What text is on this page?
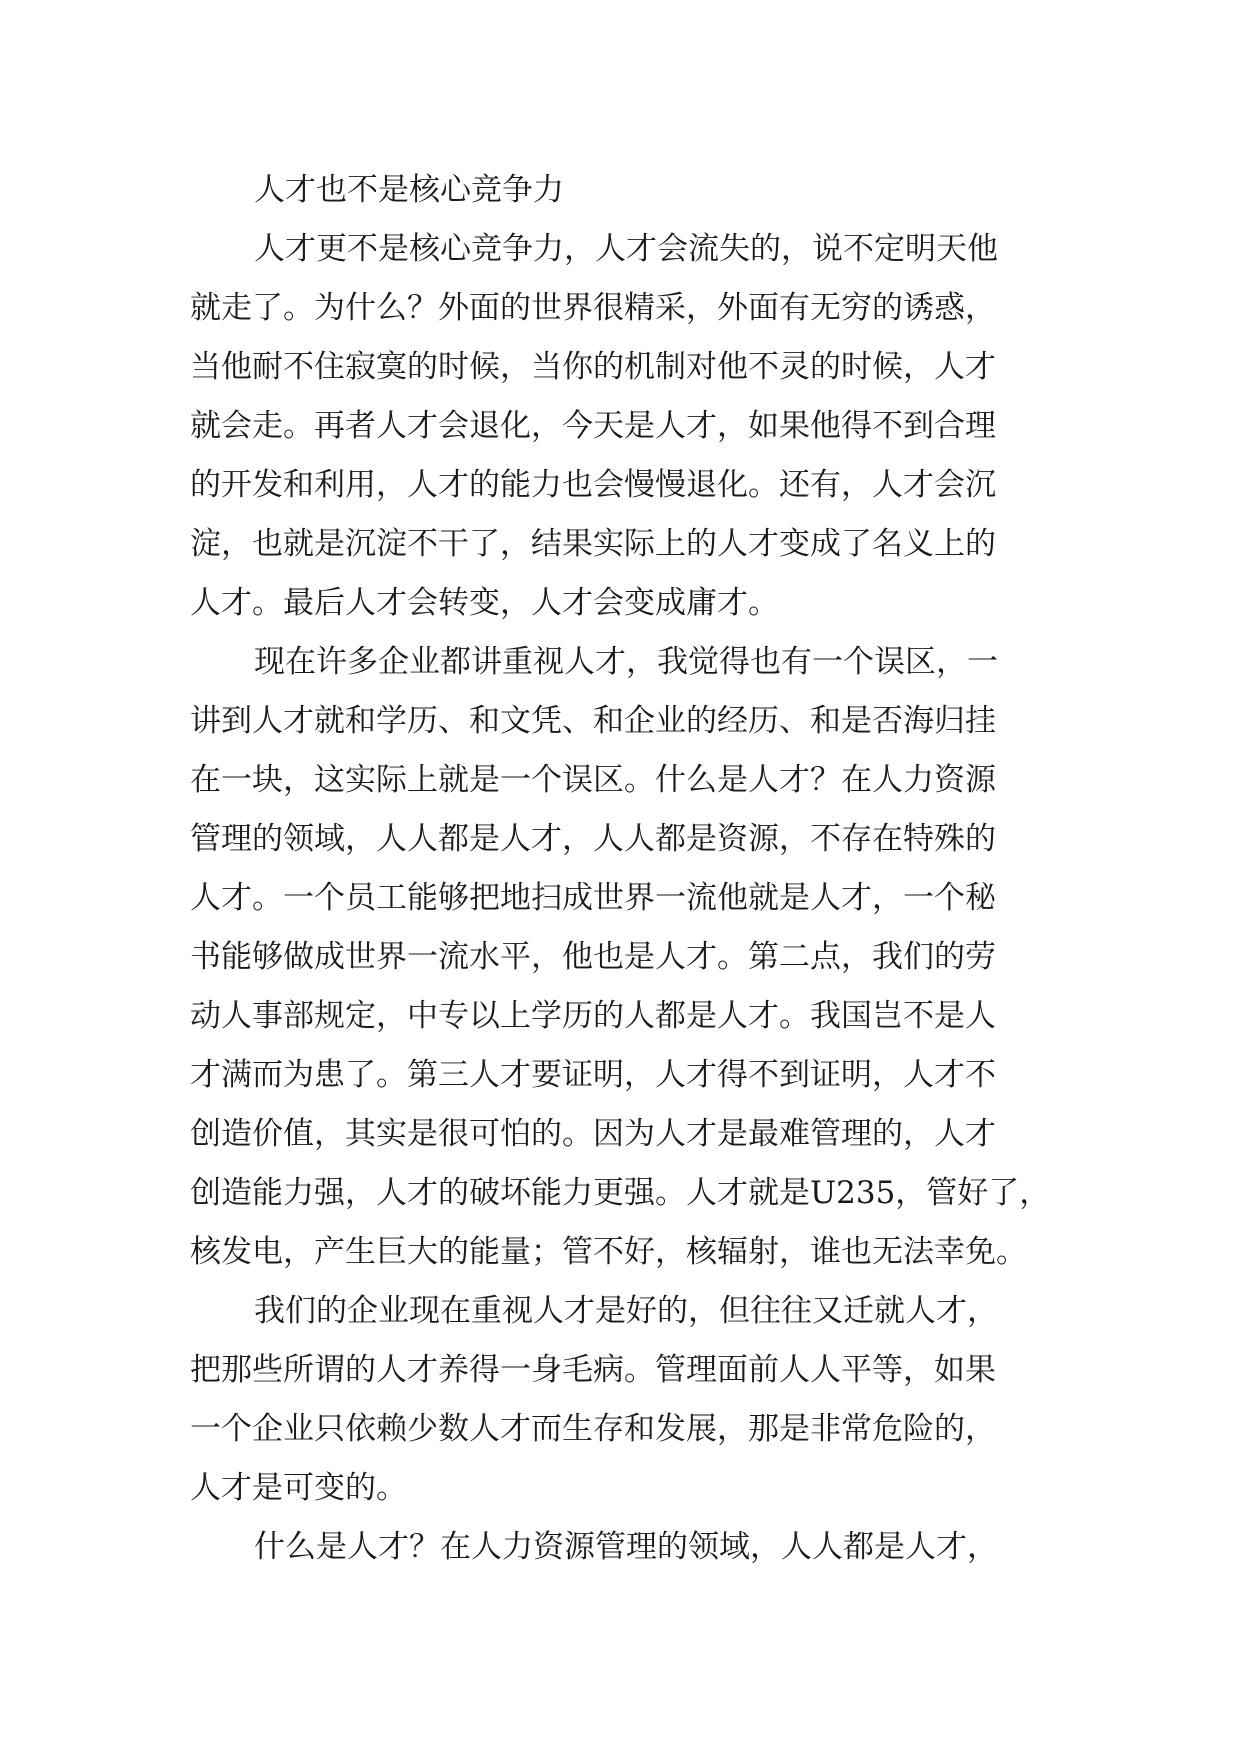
人才也不是核心竞争力
人才更不是核心竞争力，人才会流失的，说不定明天他
就走了。为什么？外面的世界很精采，外面有无穷的诱惑，
当他耐不住寂寞的时候，当你的机制对他不灵的时候，人才
就会走。再者人才会退化，今天是人才，如果他得不到合理
的开发和利用，人才的能力也会慢慢退化。还有，人才会沉
淀，也就是沉淀不干了，结果实际上的人才变成了名义上的
人才。最后人才会转变，人才会变成庸才。
现在许多企业都讲重视人才，我觉得也有一个误区，一
讲到人才就和学历、和文凭、和企业的经历、和是否海归挂
在一块，这实际上就是一个误区。什么是人才？在人力资源
管理的领域，人人都是人才，人人都是资源，不存在特殊的
人才。一个员工能够把地扫成世界一流他就是人才，一个秘
书能够做成世界一流水平，他也是人才。第二点，我们的劳
动人事部规定，中专以上学历的人都是人才。我国岂不是人
才满而为患了。第三人才要证明，人才得不到证明，人才不
创造价值，其实是很可怕的。因为人才是最难管理的，人才
创造能力强，人才的破坏能力更强。人才就是U235，管好了，
核发电，产生巨大的能量；管不好，核辐射，谁也无法幸免。
我们的企业现在重视人才是好的，但往往又迁就人才，
把那些所谓的人才养得一身毛病。管理面前人人平等，如果
一个企业只依赖少数人才而生存和发展，那是非常危险的，
人才是可变的。
什么是人才？在人力资源管理的领域，人人都是人才，
